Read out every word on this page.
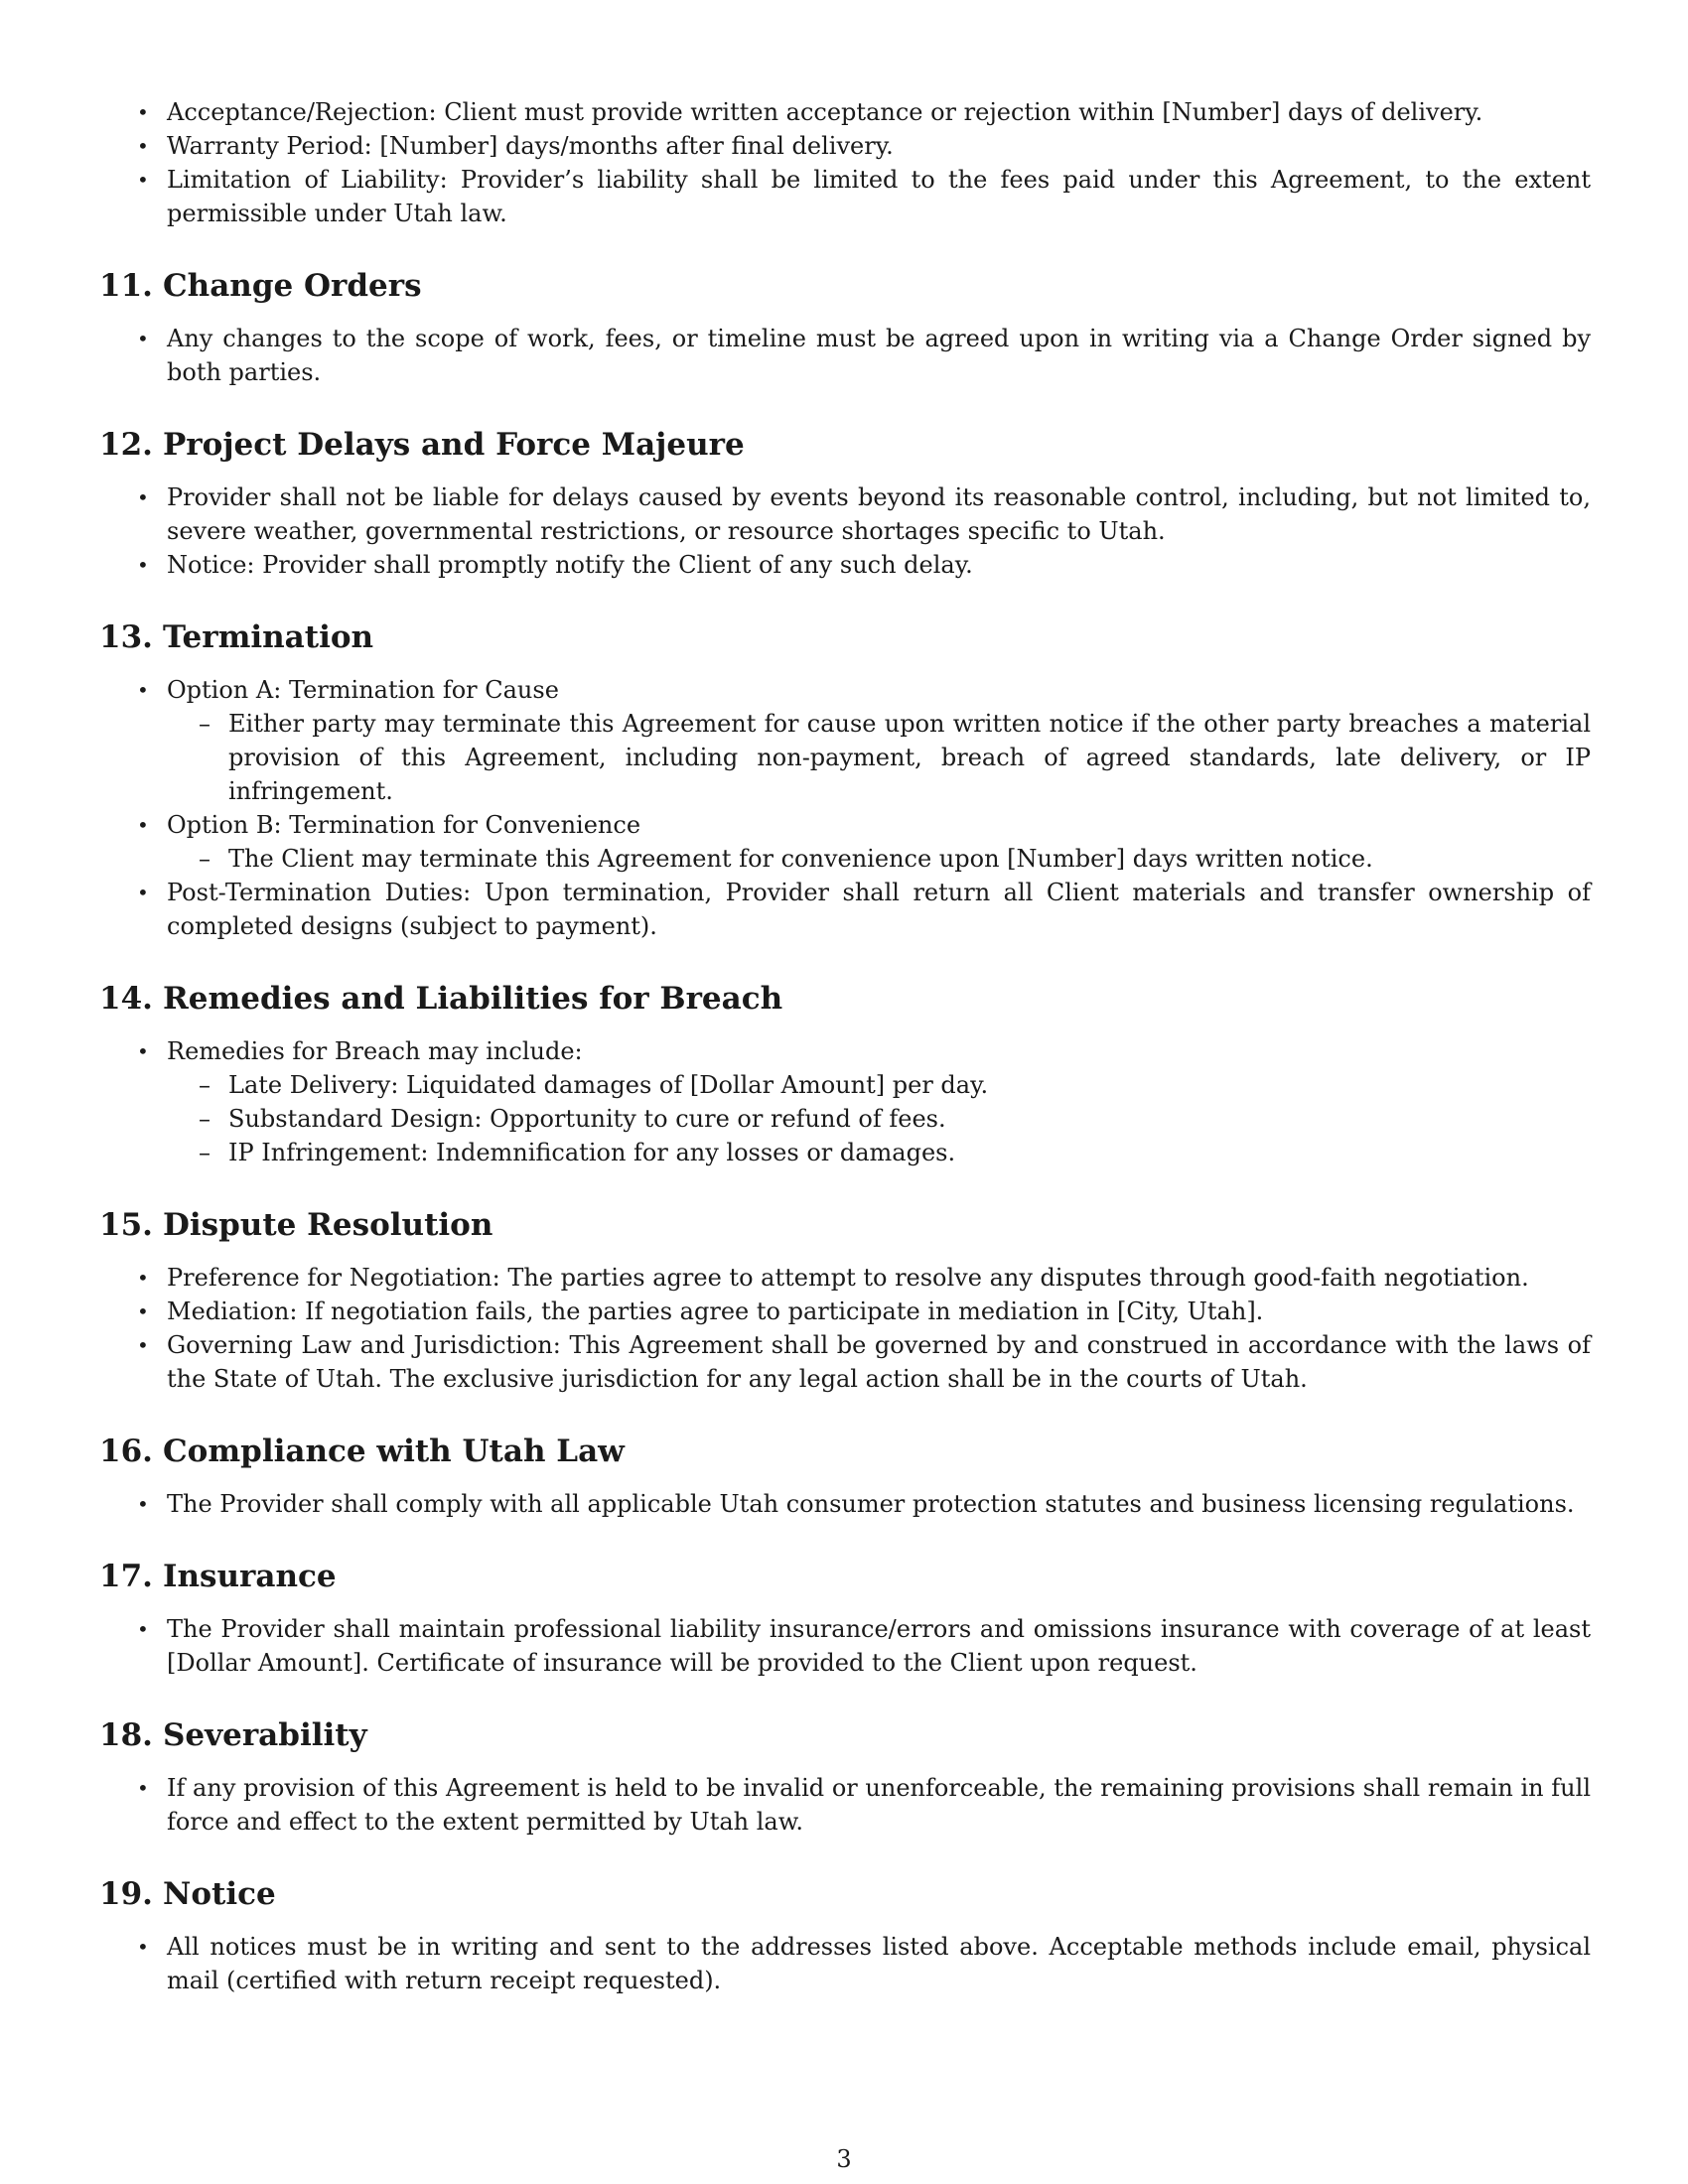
• Acceptance/Rejection: Client must provide written acceptance or rejection within [Number] days of delivery.
• Warranty Period: [Number] days/months after final delivery.
• Limitation of Liability: Provider’s liability shall be limited to the fees paid under this Agreement, to the extent permissible under Utah law.
11. Change Orders
• Any changes to the scope of work, fees, or timeline must be agreed upon in writing via a Change Order signed by both parties.
12. Project Delays and Force Majeure
• Provider shall not be liable for delays caused by events beyond its reasonable control, including, but not limited to, severe weather, governmental restrictions, or resource shortages specific to Utah.
• Notice: Provider shall promptly notify the Client of any such delay.
13. Termination
• Option A: Termination for Cause
– Either party may terminate this Agreement for cause upon written notice if the other party breaches a material provision of this Agreement, including non-payment, breach of agreed standards, late delivery, or IP infringement.
• Option B: Termination for Convenience
– The Client may terminate this Agreement for convenience upon [Number] days written notice.
• Post-Termination Duties: Upon termination, Provider shall return all Client materials and transfer ownership of completed designs (subject to payment).
14. Remedies and Liabilities for Breach
• Remedies for Breach may include:
– Late Delivery: Liquidated damages of [Dollar Amount] per day.
– Substandard Design: Opportunity to cure or refund of fees.
– IP Infringement: Indemnification for any losses or damages.
15. Dispute Resolution
• Preference for Negotiation: The parties agree to attempt to resolve any disputes through good-faith negotiation.
• Mediation: If negotiation fails, the parties agree to participate in mediation in [City, Utah].
• Governing Law and Jurisdiction: This Agreement shall be governed by and construed in accordance with the laws of the State of Utah. The exclusive jurisdiction for any legal action shall be in the courts of Utah.
16. Compliance with Utah Law
• The Provider shall comply with all applicable Utah consumer protection statutes and business licensing regulations.
17. Insurance
• The Provider shall maintain professional liability insurance/errors and omissions insurance with coverage of at least [Dollar Amount]. Certificate of insurance will be provided to the Client upon request.
18. Severability
• If any provision of this Agreement is held to be invalid or unenforceable, the remaining provisions shall remain in full force and effect to the extent permitted by Utah law.
19. Notice
• All notices must be in writing and sent to the addresses listed above. Acceptable methods include email, physical mail (certified with return receipt requested).
3
